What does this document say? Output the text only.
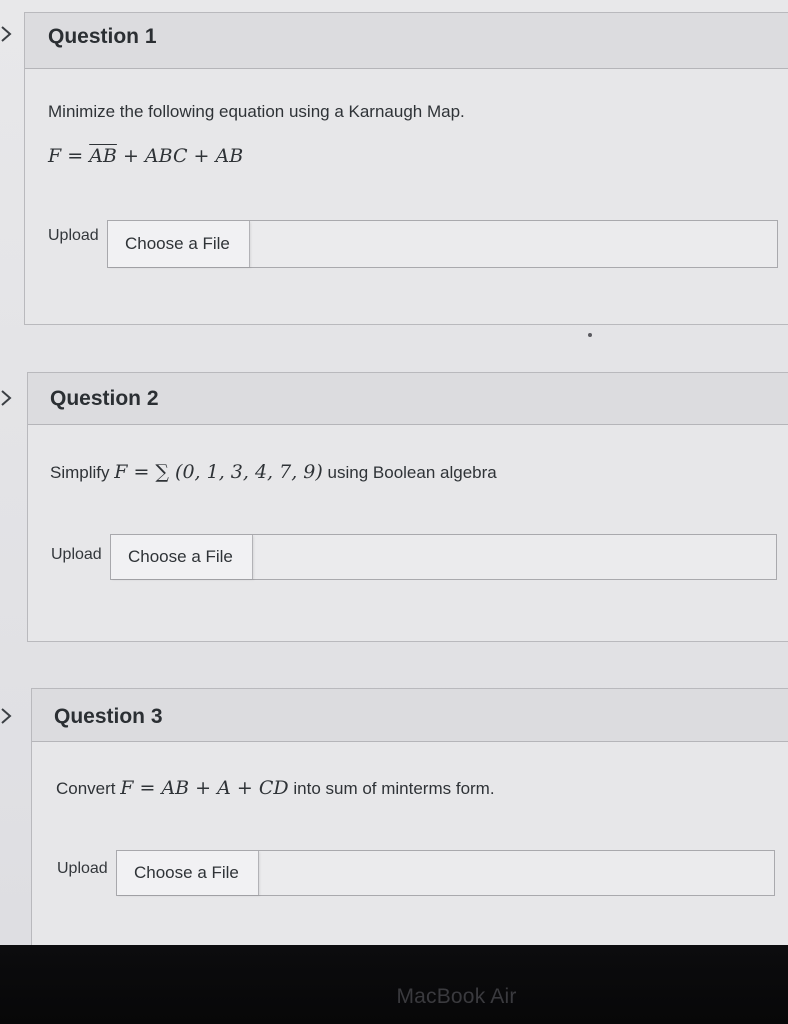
Question 1
Minimize the following equation using a Karnaugh Map.
$F = \overline{AB}$ + ABC + AB
Upload	Choose a File
Question 2
Simplify F = ∑ (0, 1, 3, 4, 7, 9) using Boolean algebra
Upload	Choose a File
Question 3
Convert F = AB + A + CD into sum of minterms form.
Upload	Choose a File
MacBook Air
